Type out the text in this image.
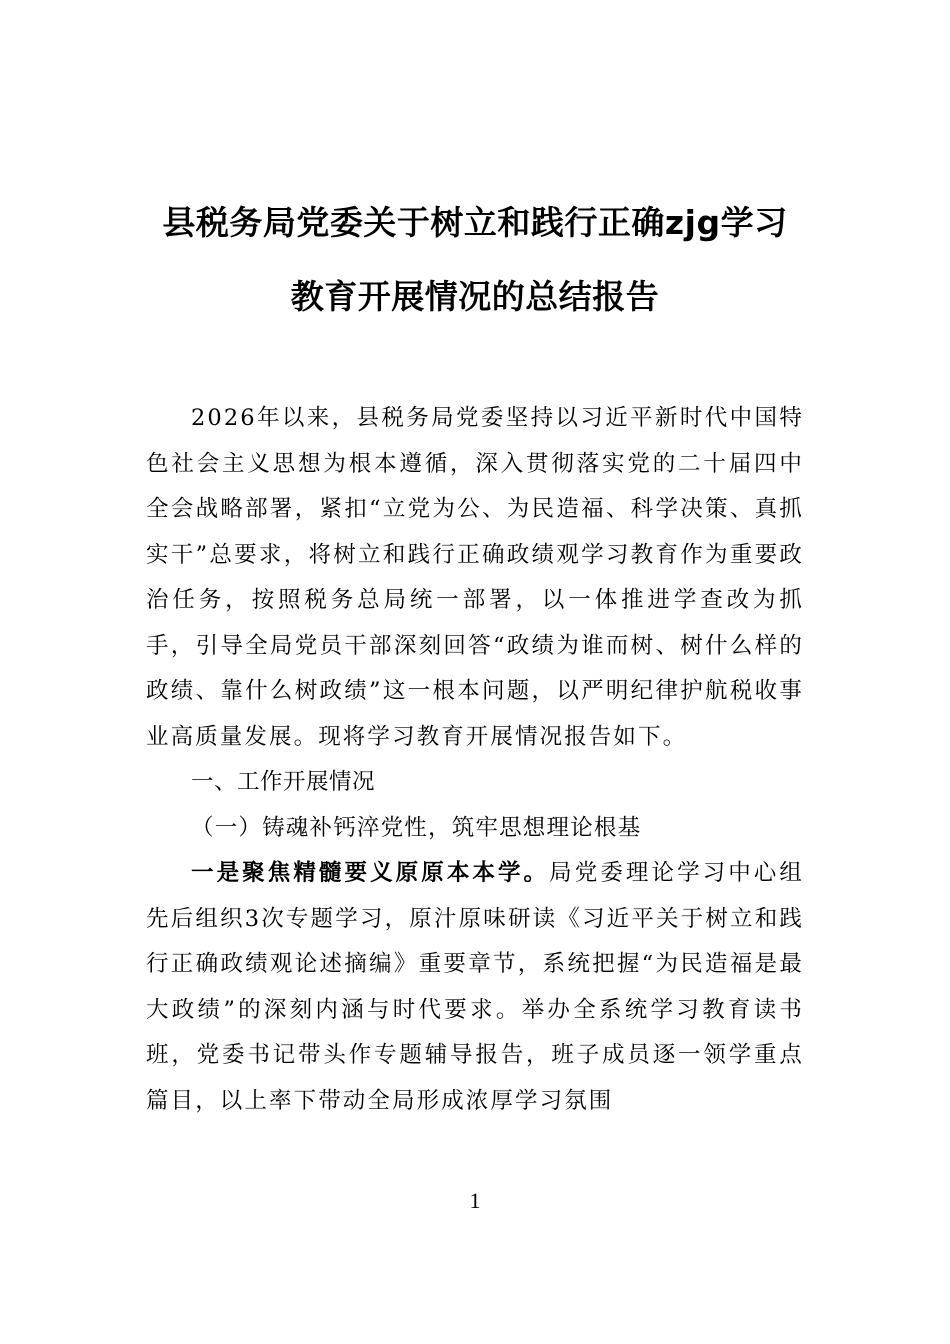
县税务局党委关于树立和践行正确zjg学习
教育开展情况的总结报告

2026年以来，县税务局党委坚持以习近平新时代中国特色社会主义思想为根本遵循，深入贯彻落实党的二十届四中全会战略部署，紧扣“立党为公、为民造福、科学决策、真抓实干”总要求，将树立和践行正确政绩观学习教育作为重要政治任务，按照税务总局统一部署，以一体推进学查改为抓手，引导全局党员干部深刻回答“政绩为谁而树、树什么样的政绩、靠什么树政绩”这一根本问题，以严明纪律护航税收事业高质量发展。现将学习教育开展情况报告如下。

一、工作开展情况

（一）铸魂补钙淬党性，筑牢思想理论根基

一是聚焦精髓要义原原本本学。局党委理论学习中心组先后组织3次专题学习，原汁原味研读《习近平关于树立和践行正确政绩观论述摘编》重要章节，系统把握“为民造福是最大政绩”的深刻内涵与时代要求。举办全系统学习教育读书班，党委书记带头作专题辅导报告，班子成员逐一领学重点篇目，以上率下带动全局形成浓厚学习氛围

1
